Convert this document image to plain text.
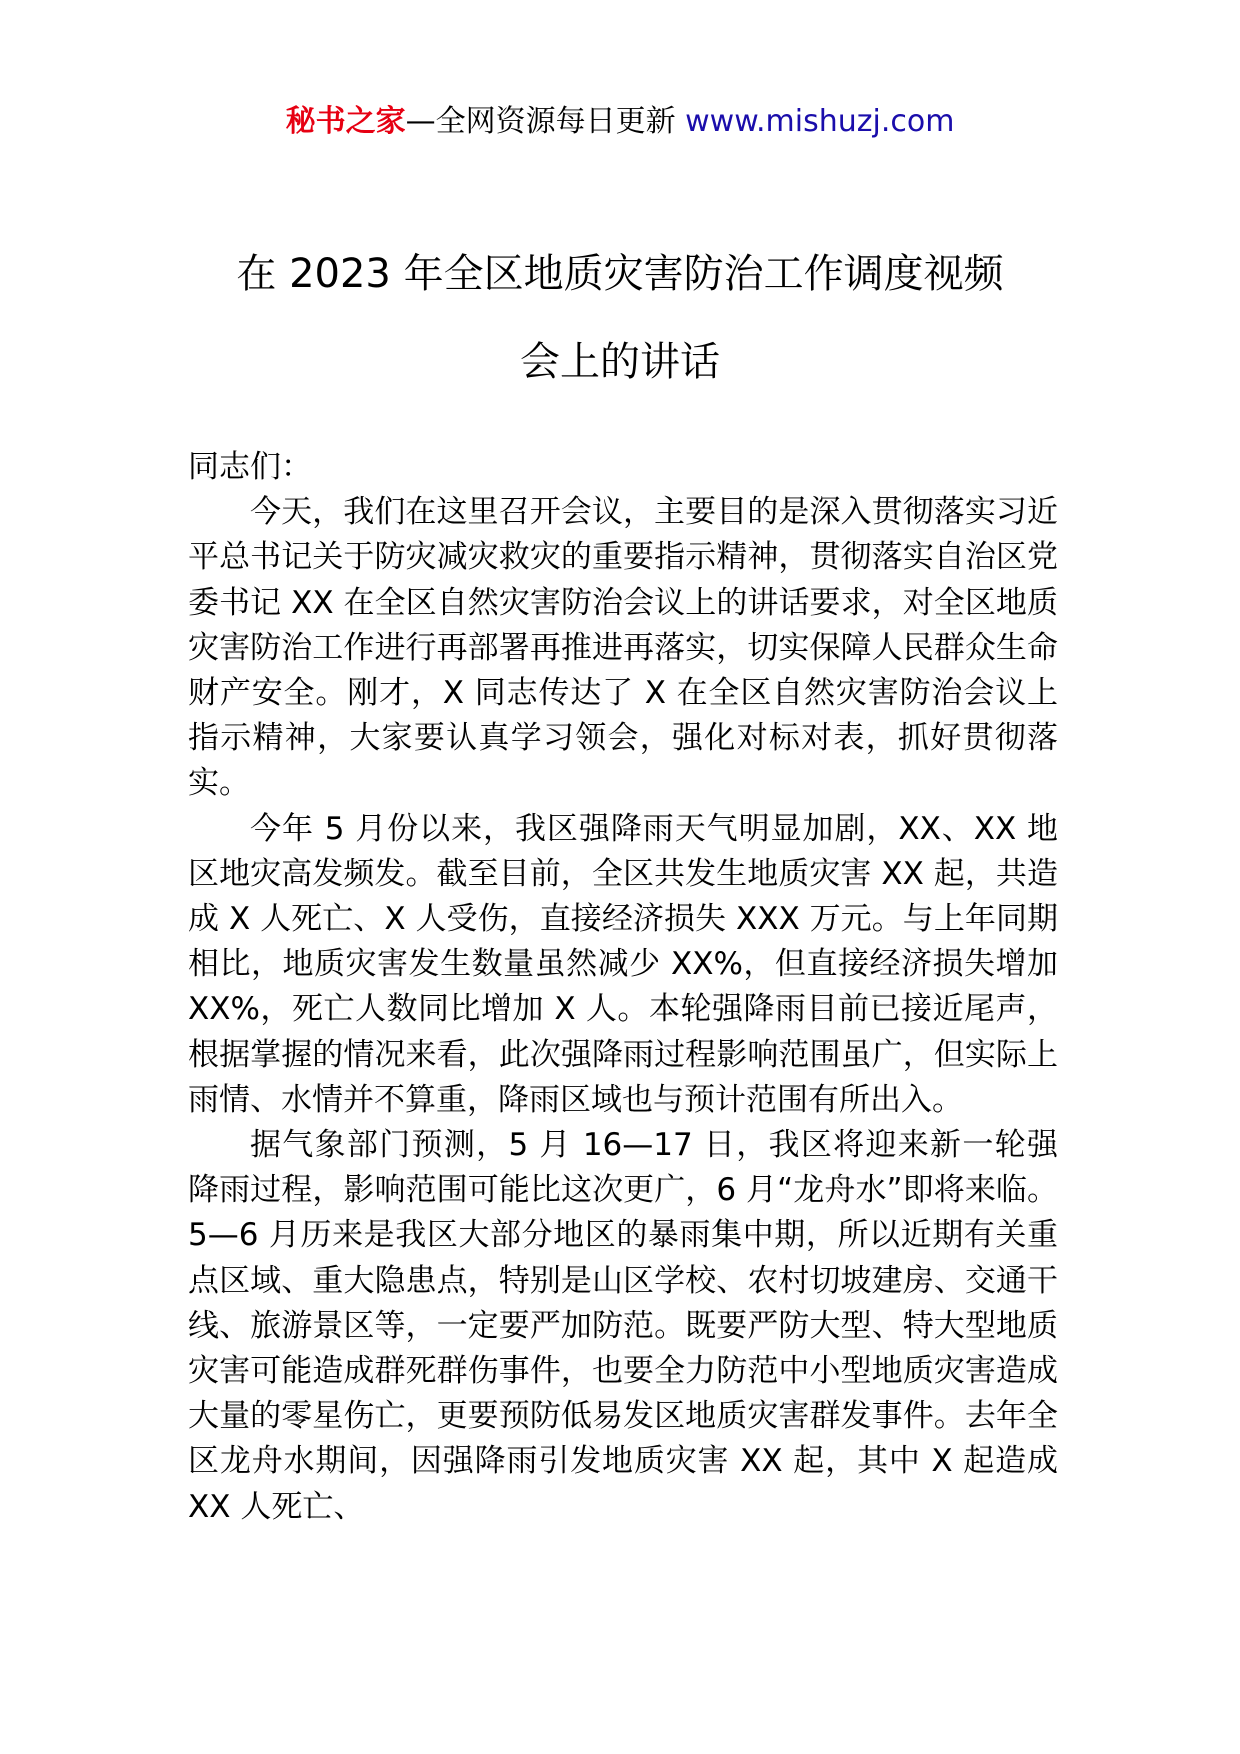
秘书之家—全网资源每日更新 www.mishuzj.com
在 2023 年全区地质灾害防治工作调度视频
会上的讲话

同志们：

今天，我们在这里召开会议，主要目的是深入贯彻落实习近平总书记关于防灾减灾救灾的重要指示精神，贯彻落实自治区党委书记 XX 在全区自然灾害防治会议上的讲话要求，对全区地质灾害防治工作进行再部署再推进再落实，切实保障人民群众生命财产安全。刚才，X 同志传达了 X 在全区自然灾害防治会议上指示精神，大家要认真学习领会，强化对标对表，抓好贯彻落实。

今年 5 月份以来，我区强降雨天气明显加剧，XX、XX 地区地灾高发频发。截至目前，全区共发生地质灾害 XX 起，共造成 X 人死亡、X 人受伤，直接经济损失 XXX 万元。与上年同期相比，地质灾害发生数量虽然减少 XX%，但直接经济损失增加 XX%，死亡人数同比增加 X 人。本轮强降雨目前已接近尾声，根据掌握的情况来看，此次强降雨过程影响范围虽广，但实际上雨情、水情并不算重，降雨区域也与预计范围有所出入。

据气象部门预测，5 月 16—17 日，我区将迎来新一轮强降雨过程，影响范围可能比这次更广，6 月“龙舟水”即将来临。5—6 月历来是我区大部分地区的暴雨集中期，所以近期有关重点区域、重大隐患点，特别是山区学校、农村切坡建房、交通干线、旅游景区等，一定要严加防范。既要严防大型、特大型地质灾害可能造成群死群伤事件，也要全力防范中小型地质灾害造成大量的零星伤亡，更要预防低易发区地质灾害群发事件。去年全区龙舟水期间，因强降雨引发地质灾害 XX 起，其中 X 起造成 XX 人死亡、
